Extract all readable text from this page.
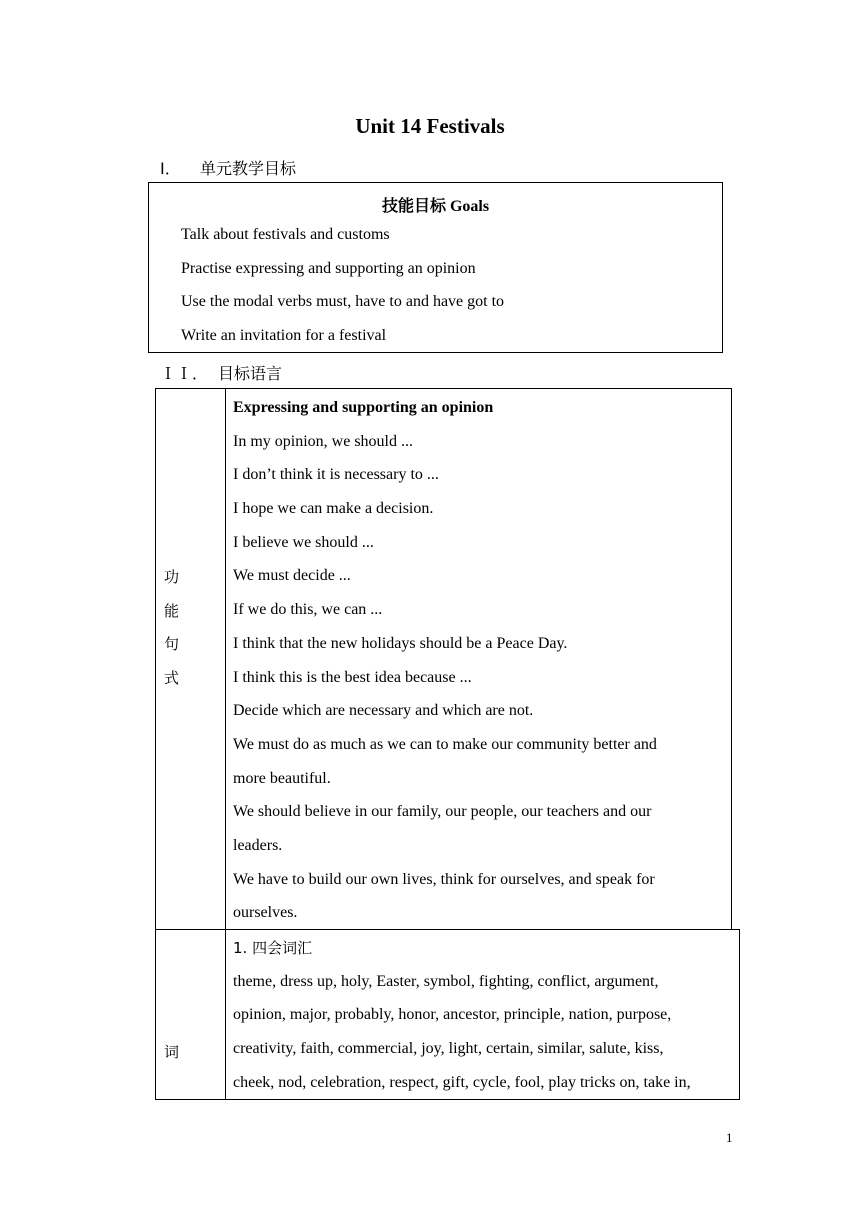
Unit 14 Festivals
Ⅰ． 单元教学目标
技能目标 Goals
Talk about festivals and customs
Practise expressing and supporting an opinion
Use the modal verbs must, have to and have got to
Write an invitation for a festival
ＩＩ． 目标语言
功
能
句
式
Expressing and supporting an opinion
In my opinion, we should ...
I don’t think it is necessary to ...
I hope we can make a decision.
I believe we should ...
We must decide ...
If we do this, we can ...
I think that the new holidays should be a Peace Day.
I think this is the best idea because ...
Decide which are necessary and which are not.
We must do as much as we can to make our community better and
more beautiful.
We should believe in our family, our people, our teachers and our
leaders.
We have to build our own lives, think for ourselves, and speak for
ourselves.
词
1. 四会词汇
theme, dress up, holy, Easter, symbol, fighting, conflict, argument,
opinion, major, probably, honor, ancestor, principle, nation, purpose,
creativity, faith, commercial, joy, light, certain, similar, salute, kiss,
cheek, nod, celebration, respect, gift, cycle, fool, play tricks on, take in,
1
